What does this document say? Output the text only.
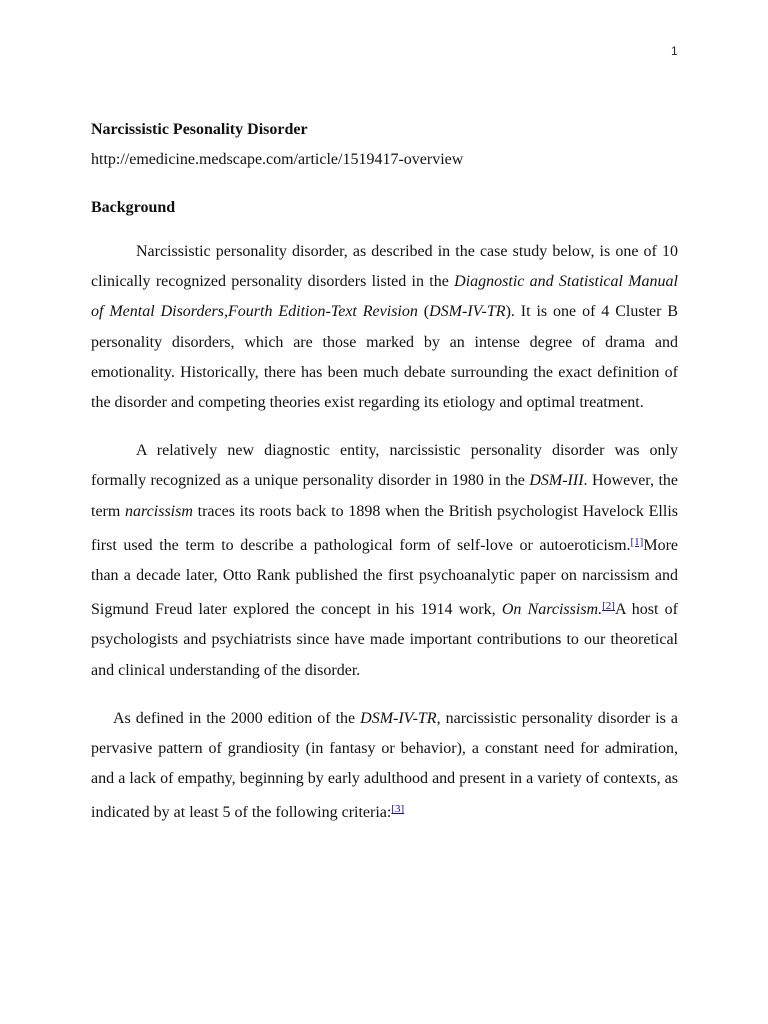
1
Narcissistic Pesonality Disorder
http://emedicine.medscape.com/article/1519417-overview
Background

Narcissistic personality disorder, as described in the case study below, is one of 10 clinically recognized personality disorders listed in the Diagnostic and Statistical Manual of Mental Disorders,Fourth Edition-Text Revision (DSM-IV-TR). It is one of 4 Cluster B personality disorders, which are those marked by an intense degree of drama and emotionality. Historically, there has been much debate surrounding the exact definition of the disorder and competing theories exist regarding its etiology and optimal treatment.

A relatively new diagnostic entity, narcissistic personality disorder was only formally recognized as a unique personality disorder in 1980 in the DSM-III. However, the term narcissism traces its roots back to 1898 when the British psychologist Havelock Ellis first used the term to describe a pathological form of self-love or autoeroticism.[1]More than a decade later, Otto Rank published the first psychoanalytic paper on narcissism and Sigmund Freud later explored the concept in his 1914 work, On Narcissism.[2]A host of psychologists and psychiatrists since have made important contributions to our theoretical and clinical understanding of the disorder.

As defined in the 2000 edition of the DSM-IV-TR, narcissistic personality disorder is a pervasive pattern of grandiosity (in fantasy or behavior), a constant need for admiration, and a lack of empathy, beginning by early adulthood and present in a variety of contexts, as indicated by at least 5 of the following criteria:[3]
